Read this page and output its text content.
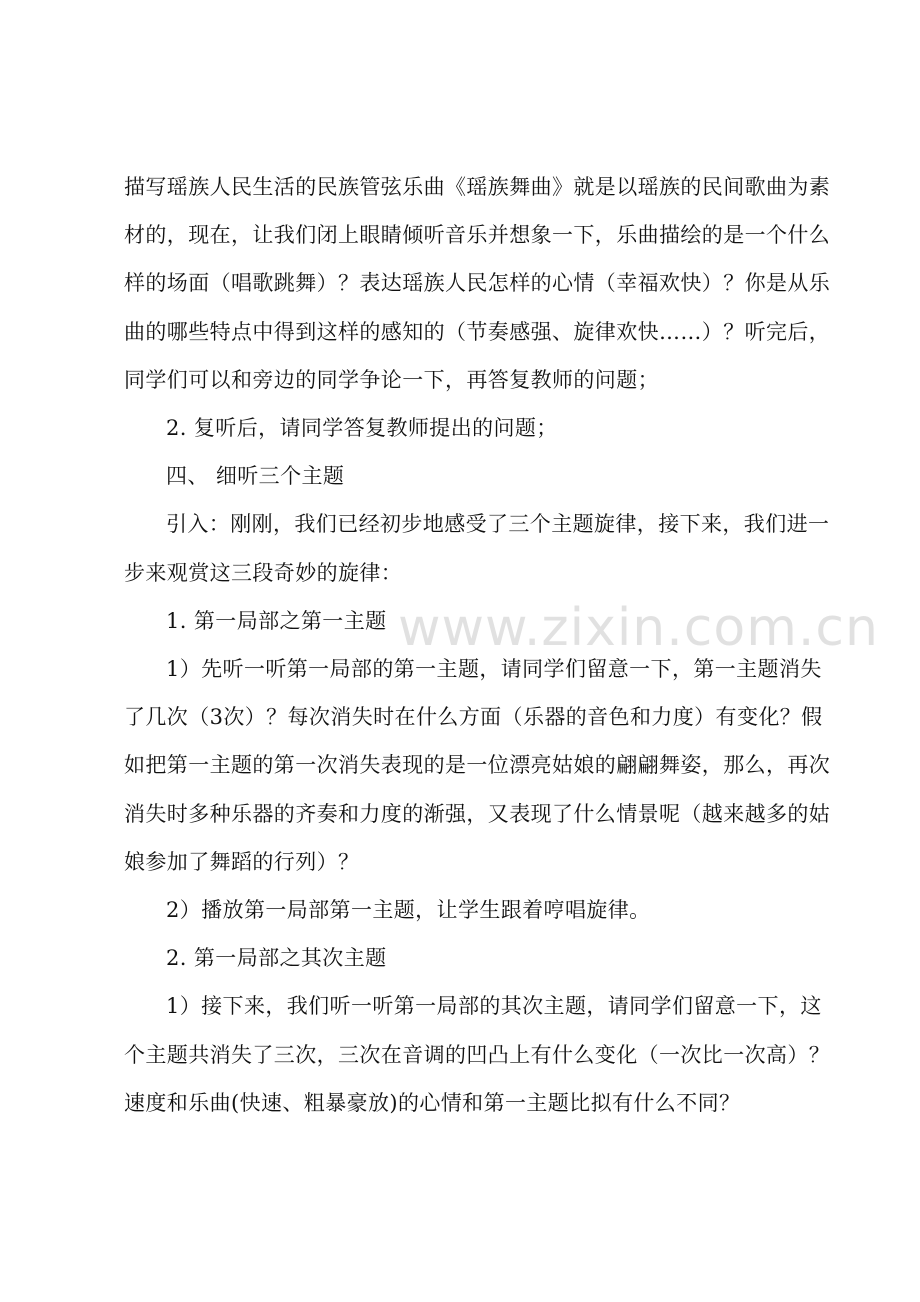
描写瑶族人民生活的民族管弦乐曲《瑶族舞曲》就是以瑶族的民间歌曲为素材的，现在，让我们闭上眼睛倾听音乐并想象一下，乐曲描绘的是一个什么样的场面（唱歌跳舞）？表达瑶族人民怎样的心情（幸福欢快）？你是从乐曲的哪些特点中得到这样的感知的（节奏感强、旋律欢快……）？听完后，同学们可以和旁边的同学争论一下，再答复教师的问题；

2. 复听后，请同学答复教师提出的问题；

四、 细听三个主题

引入：刚刚，我们已经初步地感受了三个主题旋律，接下来，我们进一步来观赏这三段奇妙的旋律：

1. 第一局部之第一主题

1）先听一听第一局部的第一主题，请同学们留意一下，第一主题消失了几次（3次）？每次消失时在什么方面（乐器的音色和力度）有变化？假如把第一主题的第一次消失表现的是一位漂亮姑娘的翩翩舞姿，那么，再次消失时多种乐器的齐奏和力度的渐强，又表现了什么情景呢（越来越多的姑娘参加了舞蹈的行列）？

2）播放第一局部第一主题，让学生跟着哼唱旋律。

2. 第一局部之其次主题

1）接下来，我们听一听第一局部的其次主题，请同学们留意一下，这个主题共消失了三次，三次在音调的凹凸上有什么变化（一次比一次高）？速度和乐曲(快速、粗暴豪放)的心情和第一主题比拟有什么不同？

www.zixin.com.cn
